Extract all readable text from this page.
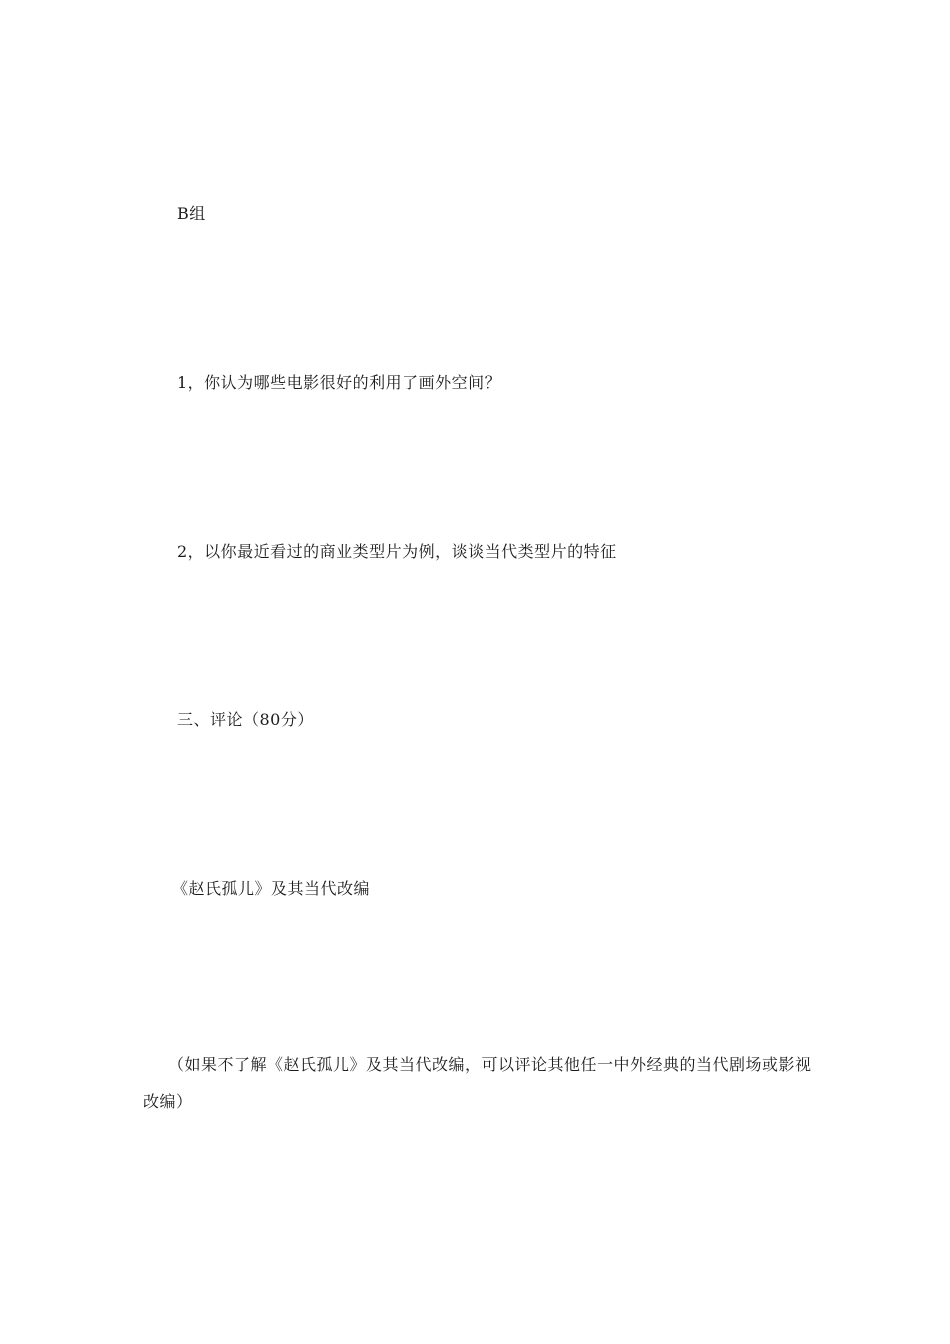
B组
1，你认为哪些电影很好的利用了画外空间？
2，以你最近看过的商业类型片为例，谈谈当代类型片的特征
三、评论（80分）
《赵氏孤儿》及其当代改编
（如果不了解《赵氏孤儿》及其当代改编，可以评论其他任一中外经典的当代剧场或影视改编）
